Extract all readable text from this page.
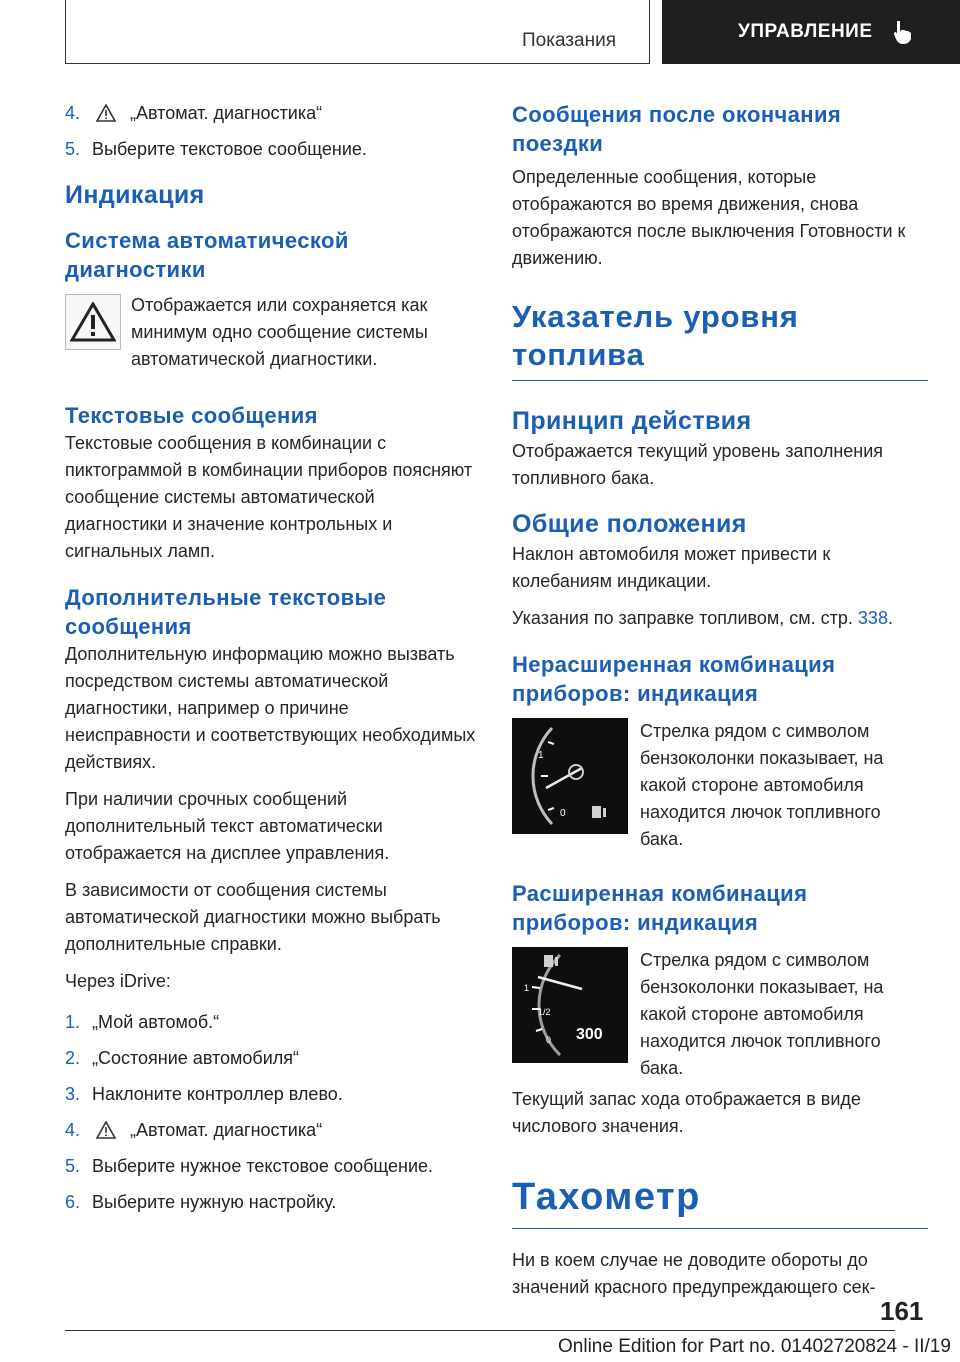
Показания	УПРАВЛЕНИЕ
4.	„Автомат. диагностика“
5. Выберите текстовое сообщение.
Индикация
Система автоматической диагностики

Отображается или сохраняется как минимум одно сообщение системы автоматической диагностики.

Текстовые сообщения

Текстовые сообщения в комбинации с пиктограммой в комбинации приборов поясняют сообщение системы автоматической диагностики и значение контрольных и сигнальных ламп.

Дополнительные текстовые сообщения

Дополнительную информацию можно вызвать посредством системы автоматической диагностики, например о причине неисправности и соответствующих необходимых действиях.

При наличии срочных сообщений дополнительный текст автоматически отображается на дисплее управления.

В зависимости от сообщения системы автоматической диагностики можно выбрать дополнительные справки.

Через iDrive:

1. „Мой автомоб.“
2. „Состояние автомобиля“
3. Наклоните контроллер влево.
4.	„Автомат. диагностика“
5. Выберите нужное текстовое сообщение.
6. Выберите нужную настройку.
Сообщения после окончания поездки

Определенные сообщения, которые отображаются во время движения, снова отображаются после выключения Готовности к движению.

Указатель уровня топлива
Принцип действия

Отображается текущий уровень заполнения топливного бака.

Общие положения

Наклон автомобиля может привести к колебаниям индикации.

Указания по заправке топливом, см. стр. 338.

Нерасширенная комбинация приборов: индикация
1
0

Стрелка рядом с символом бензоколонки показывает, на какой стороне автомобиля находится лючок топливного бака.

Расширенная комбинация приборов: индикация
1
1/2
0 300

Стрелка рядом с символом бензоколонки показывает, на какой стороне автомобиля находится лючок топливного бака.

Текущий запас хода отображается в виде числового значения.

Тахометр

Ни в коем случае не доводите обороты до значений красного предупреждающего сек-

161
Online Edition for Part no. 01402720824 - II/19
